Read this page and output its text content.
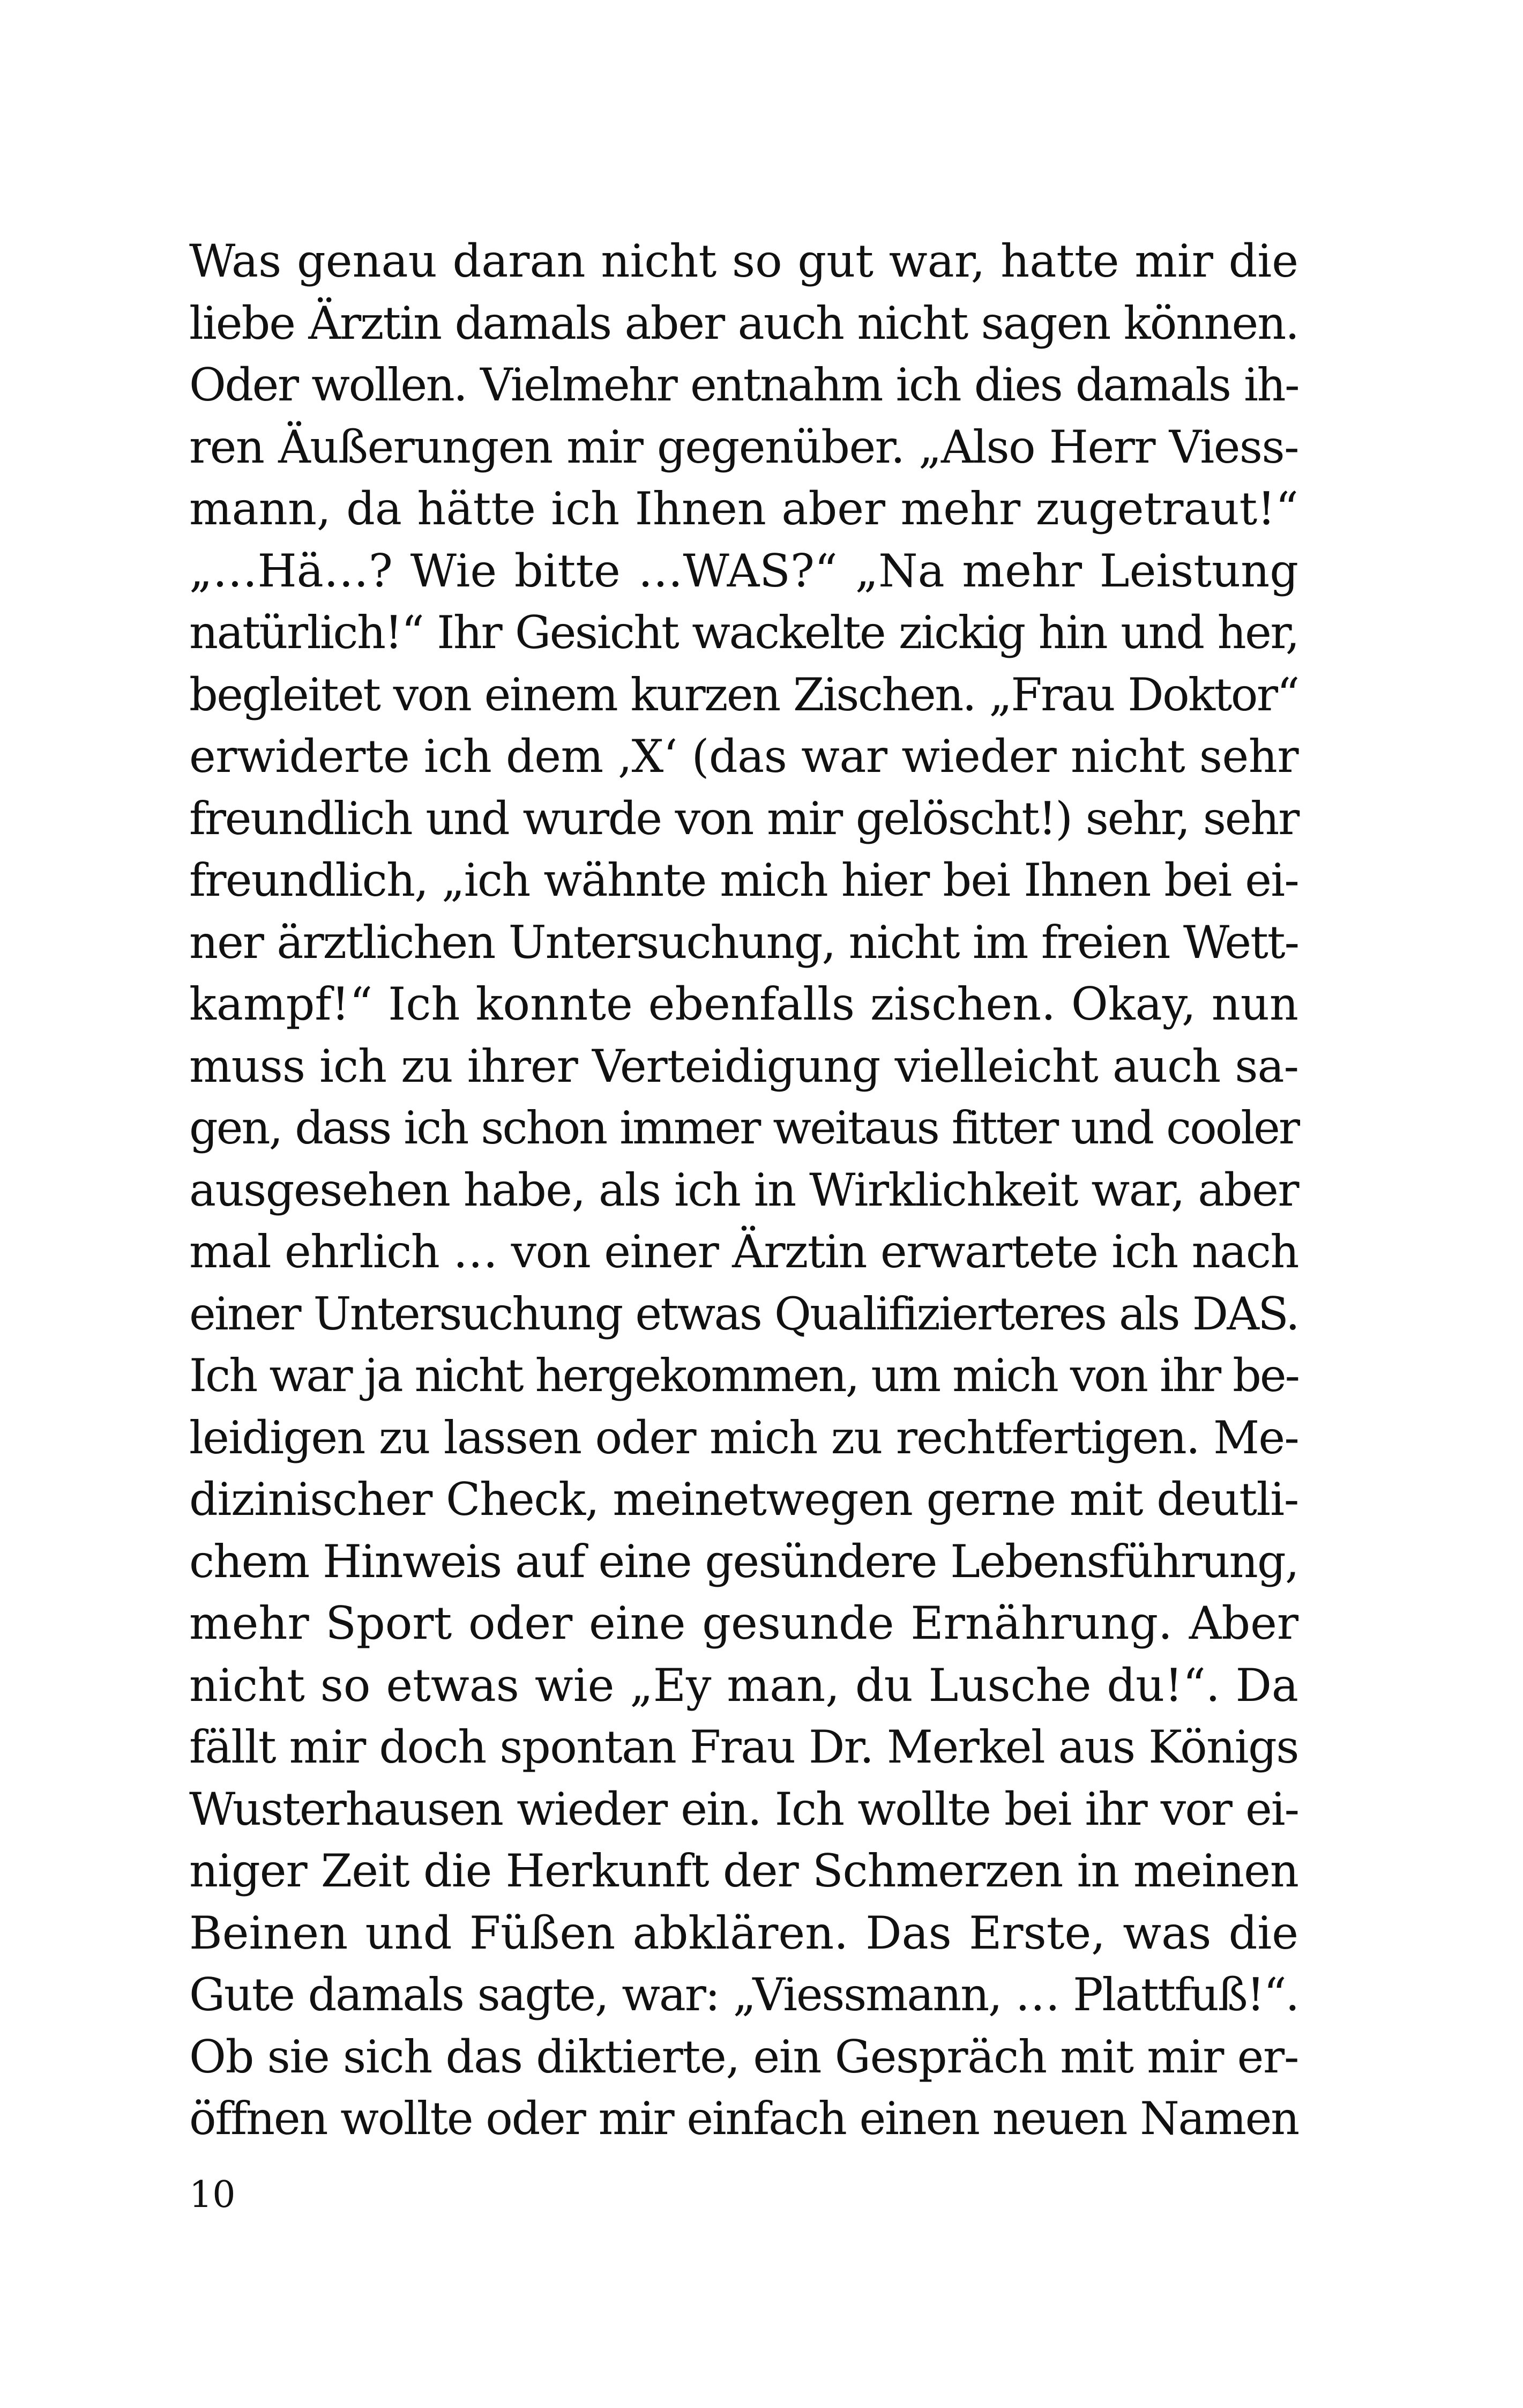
Was genau daran nicht so gut war, hatte mir die
liebe Ärztin damals aber auch nicht sagen können.
Oder wollen. Vielmehr entnahm ich dies damals ih-
ren Äußerungen mir gegenüber. „Also Herr Viess-
mann, da hätte ich Ihnen aber mehr zugetraut!“
„…Hä…? Wie bitte …WAS?“ „Na mehr Leistung
natürlich!“ Ihr Gesicht wackelte zickig hin und her,
begleitet von einem kurzen Zischen. „Frau Doktor“
erwiderte ich dem ‚X‘ (das war wieder nicht sehr
freundlich und wurde von mir gelöscht!) sehr, sehr
freundlich, „ich wähnte mich hier bei Ihnen bei ei-
ner ärztlichen Untersuchung, nicht im freien Wett-
kampf!“ Ich konnte ebenfalls zischen. Okay, nun
muss ich zu ihrer Verteidigung vielleicht auch sa-
gen, dass ich schon immer weitaus fitter und cooler
ausgesehen habe, als ich in Wirklichkeit war, aber
mal ehrlich … von einer Ärztin erwartete ich nach
einer Untersuchung etwas Qualifizierteres als DAS.
Ich war ja nicht hergekommen, um mich von ihr be-
leidigen zu lassen oder mich zu rechtfertigen. Me-
dizinischer Check, meinetwegen gerne mit deutli-
chem Hinweis auf eine gesündere Lebensführung,
mehr Sport oder eine gesunde Ernährung. Aber
nicht so etwas wie „Ey man, du Lusche du!“. Da
fällt mir doch spontan Frau Dr. Merkel aus Königs
Wusterhausen wieder ein. Ich wollte bei ihr vor ei-
niger Zeit die Herkunft der Schmerzen in meinen
Beinen und Füßen abklären. Das Erste, was die
Gute damals sagte, war: „Viessmann, … Plattfuß!“.
Ob sie sich das diktierte, ein Gespräch mit mir er-
öffnen wollte oder mir einfach einen neuen Namen
10
